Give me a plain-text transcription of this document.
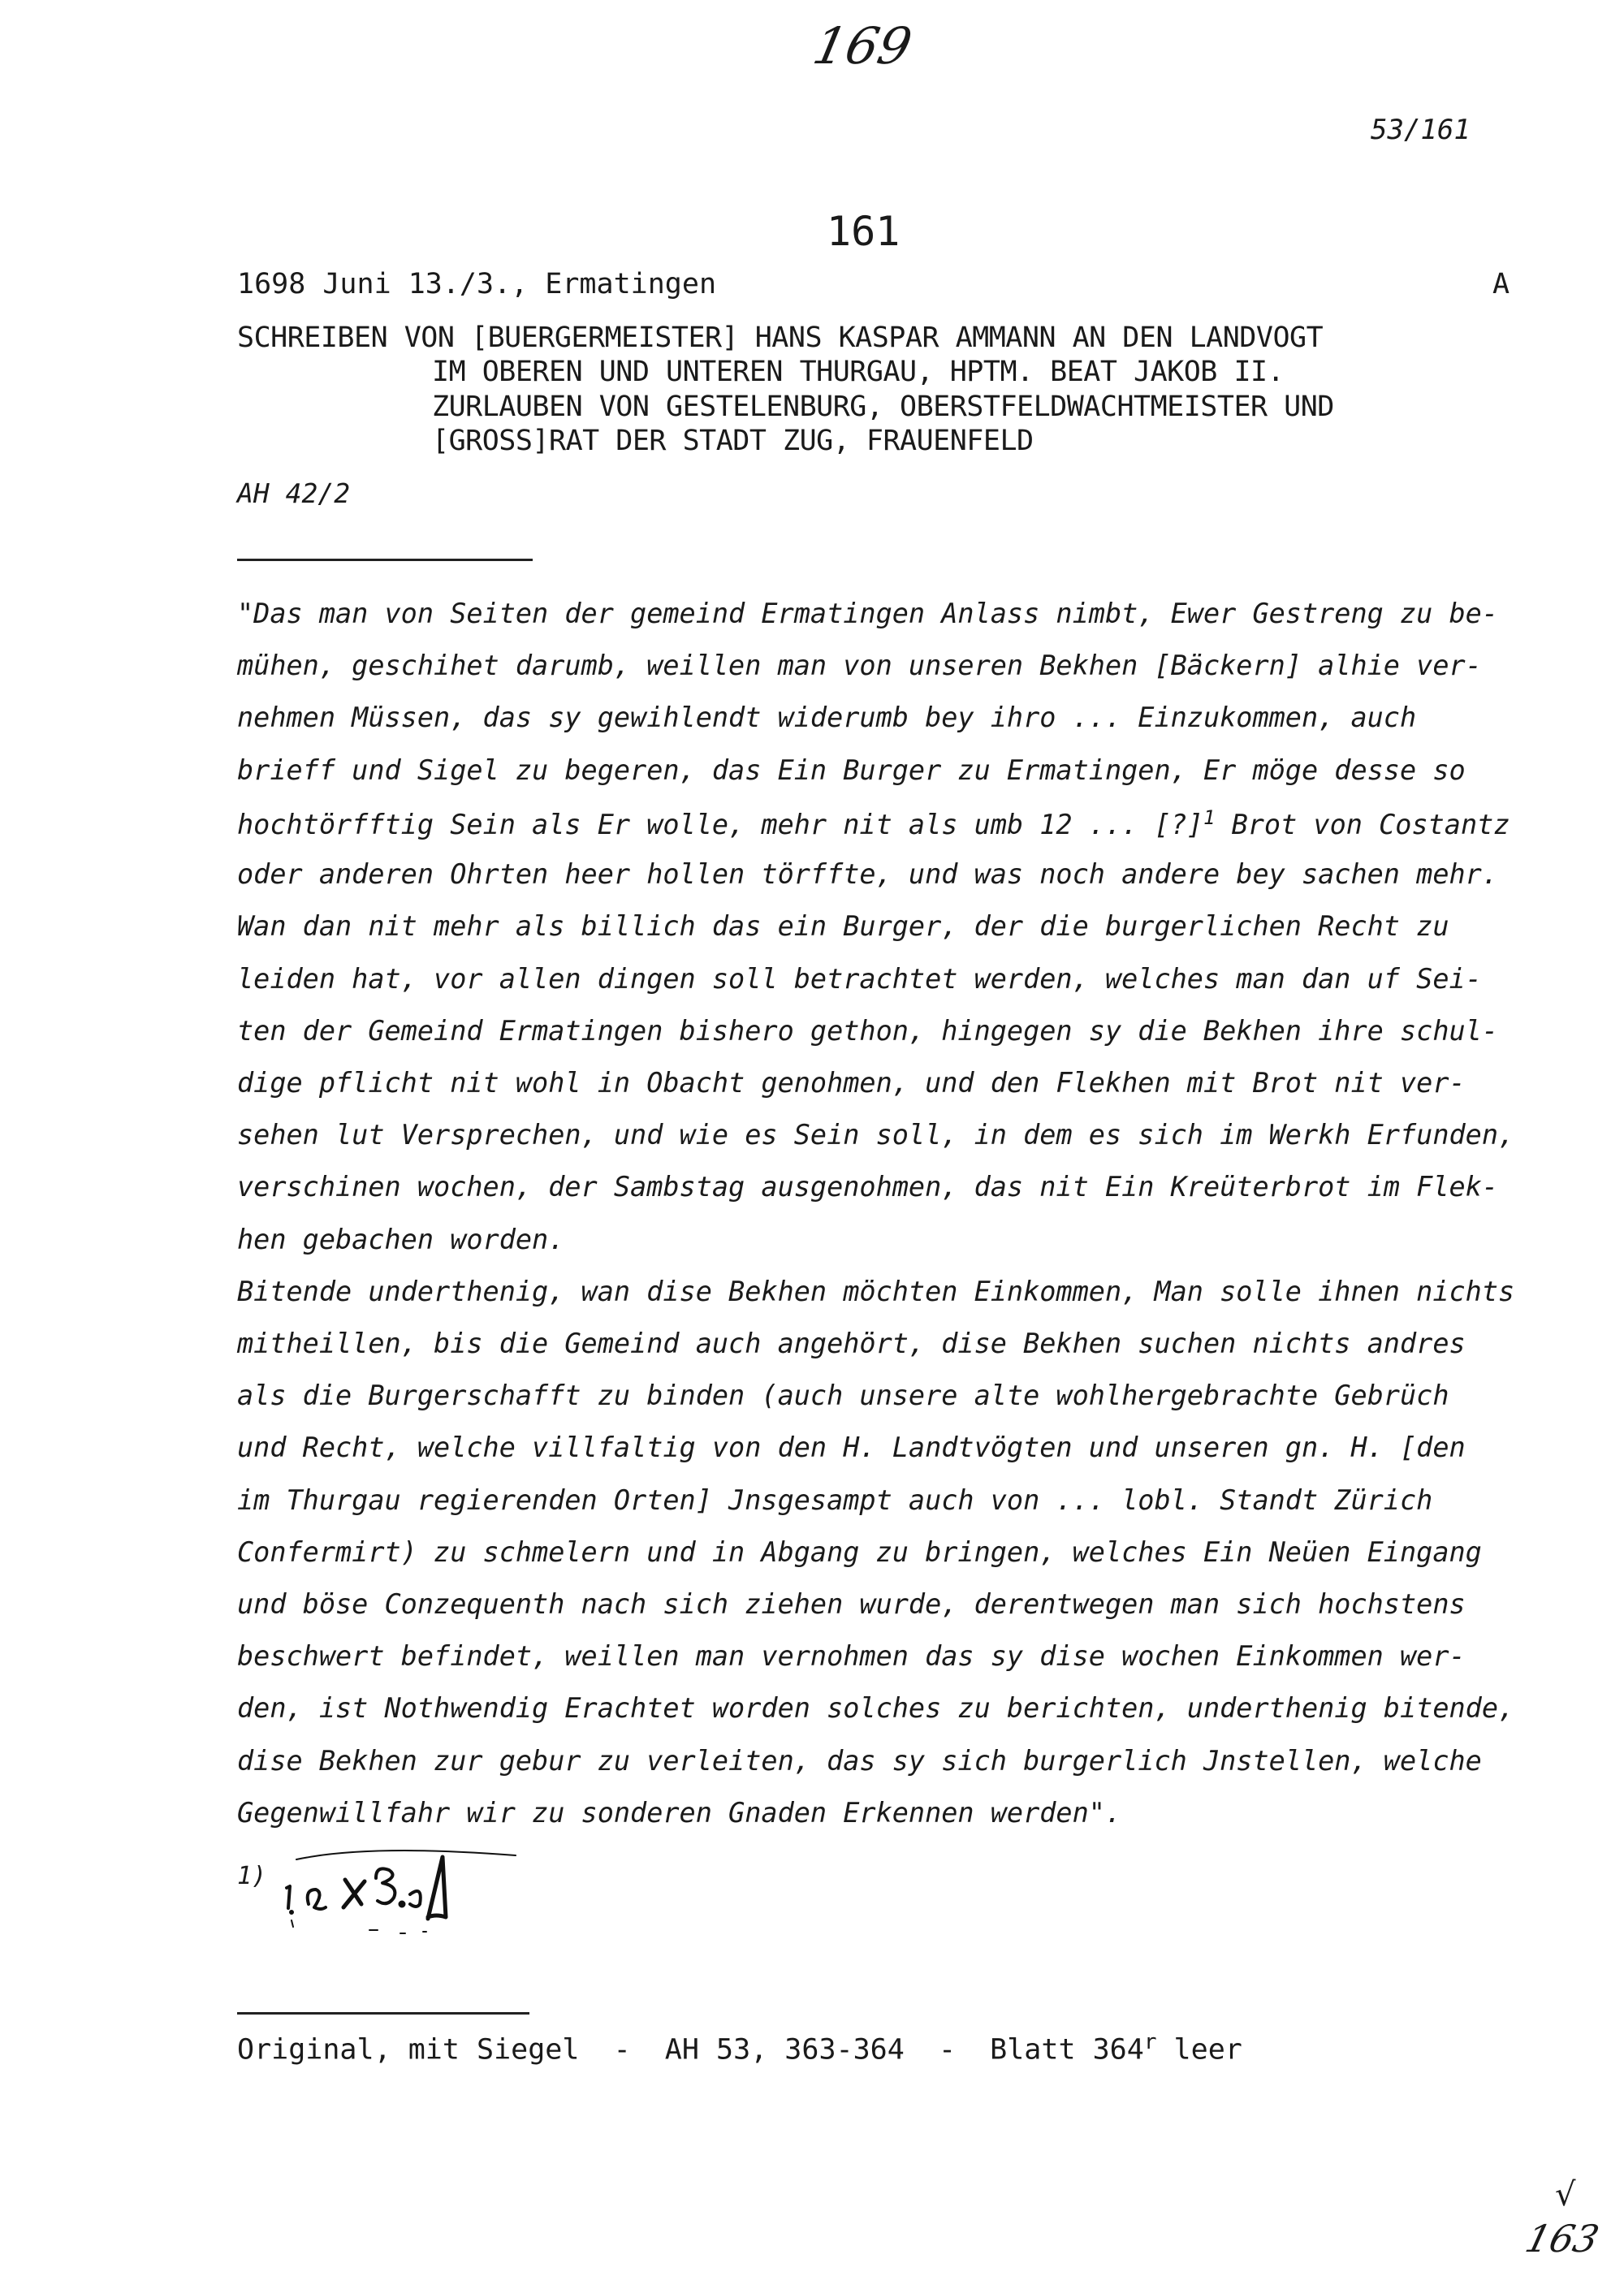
169
53/161
161
1698 Juni 13./3., Ermatingen	A
SCHREIBEN VON [BUERGERMEISTER] HANS KASPAR AMMANN AN DEN LANDVOGT
IM OBEREN UND UNTEREN THURGAU, HPTM. BEAT JAKOB II.
ZURLAUBEN VON GESTELENBURG, OBERSTFELDWACHTMEISTER UND
[GROSS]RAT DER STADT ZUG, FRAUENFELD
AH 42/2
"Das man von Seiten der gemeind Ermatingen Anlass nimbt, Ewer Gestreng zu be-
mühen, geschihet darumb, weillen man von unseren Bekhen [Bäckern] alhie ver-
nehmen Müssen, das sy gewihlendt widerumb bey ihro ... Einzukommen, auch
brieff und Sigel zu begeren, das Ein Burger zu Ermatingen, Er möge desse so
hochtörfftig Sein als Er wolle, mehr nit als umb 12 ... [?]$^1$ Brot von Costantz
oder anderen Ohrten heer hollen törffte, und was noch andere bey sachen mehr.
Wan dan nit mehr als billich das ein Burger, der die burgerlichen Recht zu
leiden hat, vor allen dingen soll betrachtet werden, welches man dan uf Sei-
ten der Gemeind Ermatingen bishero gethon, hingegen sy die Bekhen ihre schul-
dige pflicht nit wohl in Obacht genohmen, und den Flekhen mit Brot nit ver-
sehen lut Versprechen, und wie es Sein soll, in dem es sich im Werkh Erfunden,
verschinen wochen, der Sambstag ausgenohmen, das nit Ein Kreüterbrot im Flek-
hen gebachen worden.
Bitende underthenig, wan dise Bekhen möchten Einkommen, Man solle ihnen nichts
mitheillen, bis die Gemeind auch angehört, dise Bekhen suchen nichts andres
als die Burgerschafft zu binden (auch unsere alte wohlhergebrachte Gebrüch
und Recht, welche villfaltig von den H. Landtvögten und unseren gn. H. [den
im Thurgau regierenden Orten] Jnsgesampt auch von ... lobl. Standt Zürich
Confermirt) zu schmelern und in Abgang zu bringen, welches Ein Neüen Eingang
und böse Conzequenth nach sich ziehen wurde, derentwegen man sich hochstens
beschwert befindet, weillen man vernohmen das sy dise wochen Einkommen wer-
den, ist Nothwendig Erachtet worden solches zu berichten, underthenig bitende,
dise Bekhen zur gebur zu verleiten, das sy sich burgerlich Jnstellen, welche
Gegenwillfahr wir zu sonderen Gnaden Erkennen werden".
1)
Original, mit Siegel  -  AH 53, 363-364  -  Blatt 364$^r$ leer
√
163
